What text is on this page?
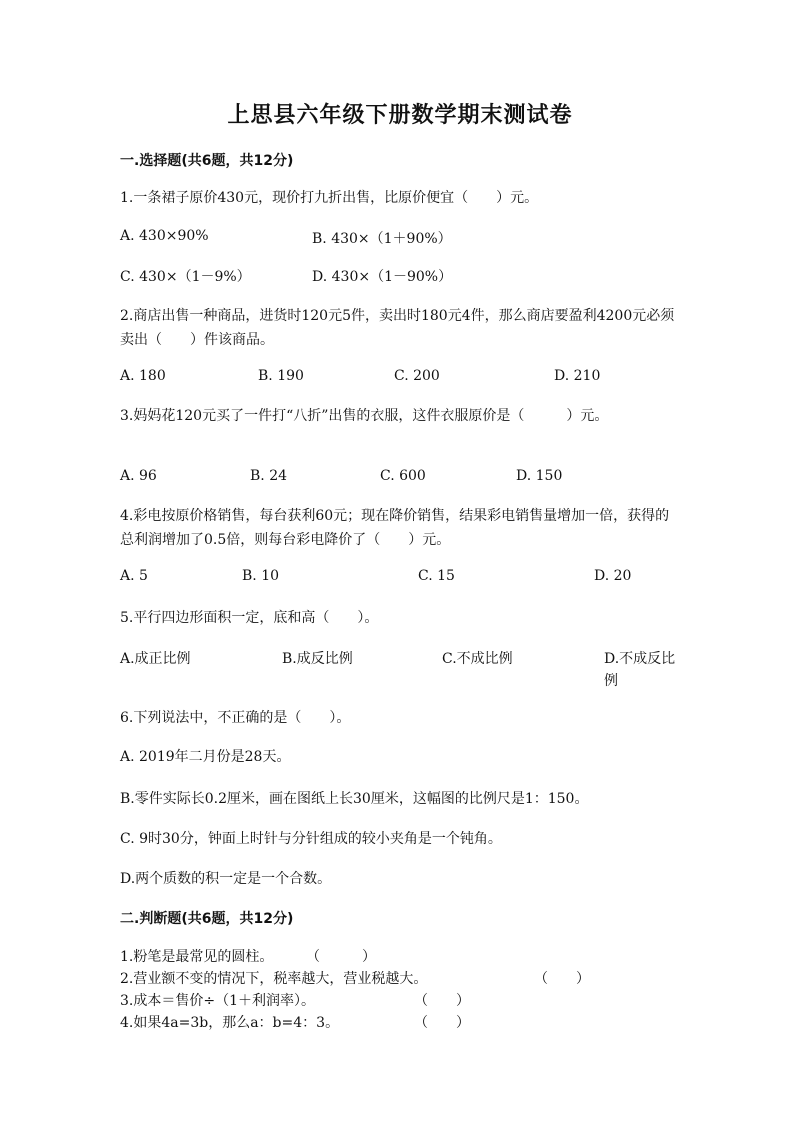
上思县六年级下册数学期末测试卷
一.选择题(共6题，共12分)
1.一条裙子原价430元，现价打九折出售，比原价便宜（　　）元。
A. 430×90%	B. 430×（1＋90%）
C. 430×（1－9%）	D. 430×（1－90%）
2.商店出售一种商品，进货时120元5件，卖出时180元4件，那么商店要盈利4200元必须卖出（　　）件该商品。
A. 180	B. 190	C. 200	D. 210
3.妈妈花120元买了一件打“八折”出售的衣服，这件衣服原价是（　　　）元。
A. 96	B. 24	C. 600	D. 150
4.彩电按原价格销售，每台获利60元；现在降价销售，结果彩电销售量增加一倍，获得的总利润增加了0.5倍，则每台彩电降价了（　　）元。
A. 5	B. 10	C. 15	D. 20
5.平行四边形面积一定，底和高（　　）。
A.成正比例	B.成反比例	C.不成比例	D.不成反比例
6.下列说法中，不正确的是（　　）。
A. 2019年二月份是28天。
B.零件实际长0.2厘米，画在图纸上长30厘米，这幅图的比例尺是1：150。
C. 9时30分，钟面上时针与分针组成的较小夹角是一个钝角。
D.两个质数的积一定是一个合数。
二.判断题(共6题，共12分)
1.粉笔是最常见的圆柱。 （　　　）
2.营业额不变的情况下，税率越大，营业税越大。	（　　）
3.成本＝售价÷（1＋利润率）。	（　　）
4.如果4a=3b，那么a：b=4：3。	（　　）
